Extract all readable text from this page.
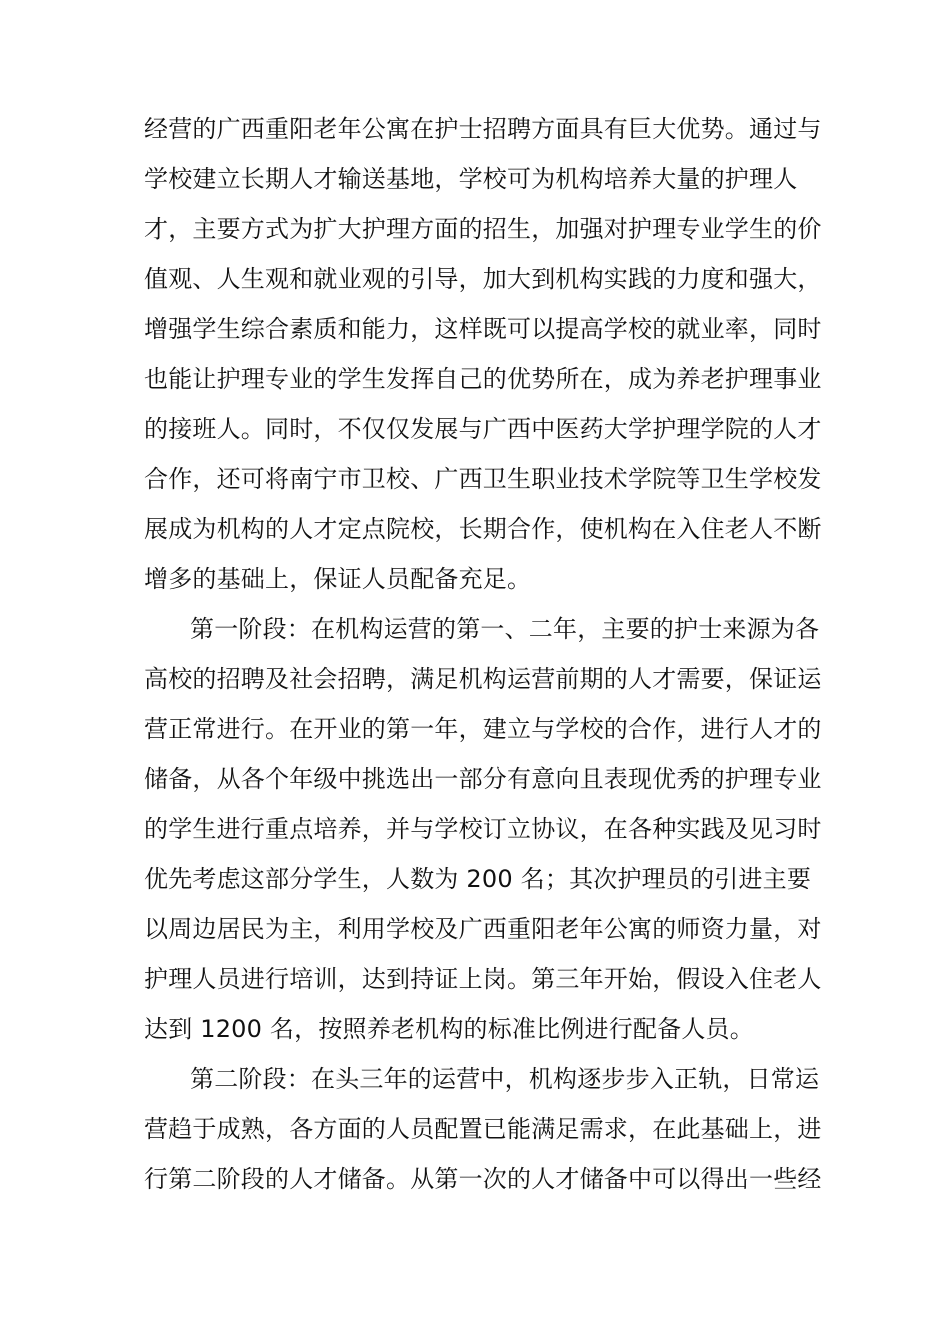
经营的广西重阳老年公寓在护士招聘方面具有巨大优势。通过与
学校建立长期人才输送基地，学校可为机构培养大量的护理人
才，主要方式为扩大护理方面的招生，加强对护理专业学生的价
值观、人生观和就业观的引导，加大到机构实践的力度和强大，
增强学生综合素质和能力，这样既可以提高学校的就业率，同时
也能让护理专业的学生发挥自己的优势所在，成为养老护理事业
的接班人。同时，不仅仅发展与广西中医药大学护理学院的人才
合作，还可将南宁市卫校、广西卫生职业技术学院等卫生学校发
展成为机构的人才定点院校，长期合作，使机构在入住老人不断
增多的基础上，保证人员配备充足。
第一阶段：在机构运营的第一、二年，主要的护士来源为各
高校的招聘及社会招聘，满足机构运营前期的人才需要，保证运
营正常进行。在开业的第一年，建立与学校的合作，进行人才的
储备，从各个年级中挑选出一部分有意向且表现优秀的护理专业
的学生进行重点培养，并与学校订立协议，在各种实践及见习时
优先考虑这部分学生，人数为 200 名；其次护理员的引进主要
以周边居民为主，利用学校及广西重阳老年公寓的师资力量，对
护理人员进行培训，达到持证上岗。第三年开始，假设入住老人
达到 1200 名，按照养老机构的标准比例进行配备人员。
第二阶段：在头三年的运营中，机构逐步步入正轨，日常运
营趋于成熟，各方面的人员配置已能满足需求，在此基础上，进
行第二阶段的人才储备。从第一次的人才储备中可以得出一些经
